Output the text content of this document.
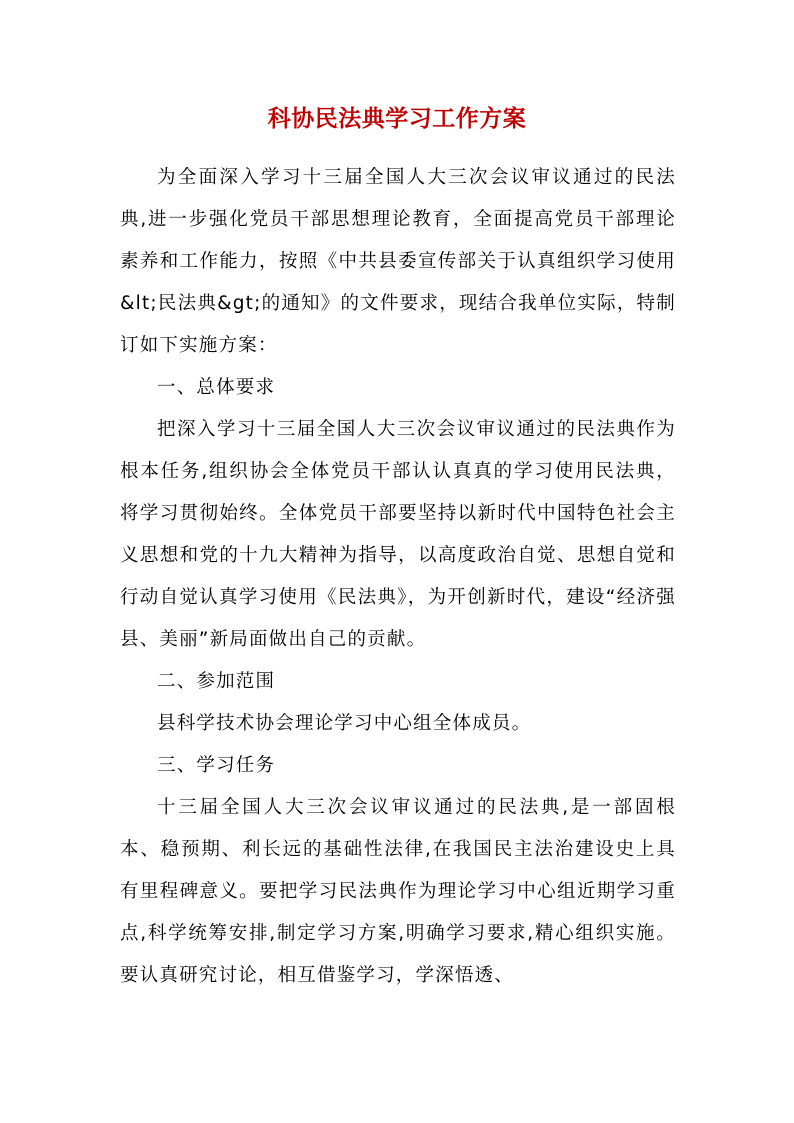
科协民法典学习工作方案

为全面深入学习十三届全国人大三次会议审议通过的民法典,进一步强化党员干部思想理论教育，全面提高党员干部理论素养和工作能力，按照《中共县委宣传部关于认真组织学习使用&lt;民法典&gt;的通知》的文件要求，现结合我单位实际，特制订如下实施方案：

一、总体要求

把深入学习十三届全国人大三次会议审议通过的民法典作为根本任务,组织协会全体党员干部认认真真的学习使用民法典，将学习贯彻始终。全体党员干部要坚持以新时代中国特色社会主义思想和党的十九大精神为指导，以高度政治自觉、思想自觉和行动自觉认真学习使用《民法典》，为开创新时代，建设“经济强县、美丽”新局面做出自己的贡献。

二、参加范围

县科学技术协会理论学习中心组全体成员。

三、学习任务

十三届全国人大三次会议审议通过的民法典,是一部固根本、稳预期、利长远的基础性法律,在我国民主法治建设史上具有里程碑意义。要把学习民法典作为理论学习中心组近期学习重点,科学统筹安排,制定学习方案,明确学习要求,精心组织实施。要认真研究讨论，相互借鉴学习，学深悟透、
